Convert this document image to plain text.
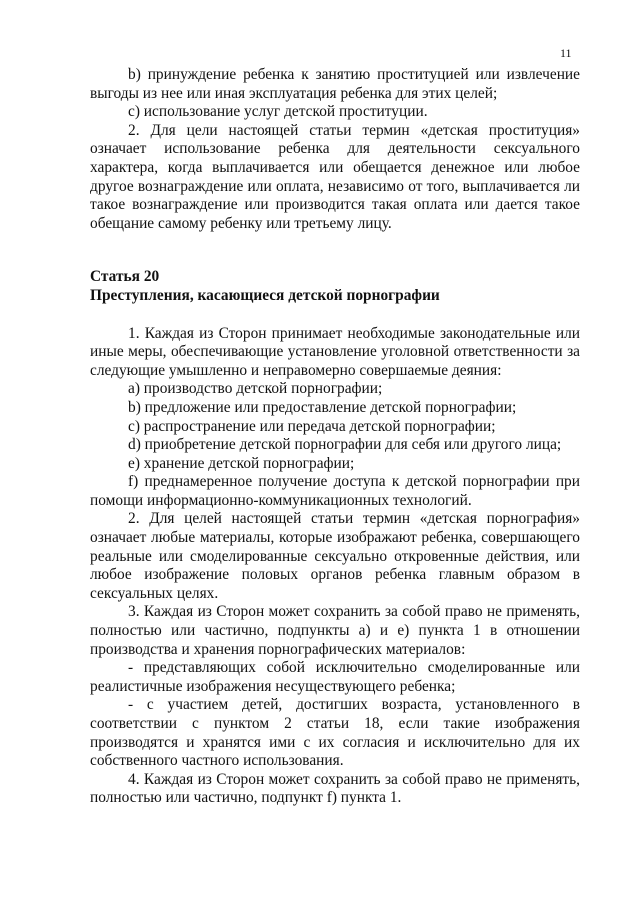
11

b) принуждение ребенка к занятию проституцией или извлечение выгоды из нее или иная эксплуатация ребенка для этих целей;

c) использование услуг детской проституции.

2. Для цели настоящей статьи термин «детская проституция» означает использование ребенка для деятельности сексуального характера, когда выплачивается или обещается денежное или любое другое вознаграждение или оплата, независимо от того, выплачивается ли такое вознаграждение или производится такая оплата или дается такое обещание самому ребенку или третьему лицу.

Статья 20

Преступления, касающиеся детской порнографии

1. Каждая из Сторон принимает необходимые законодательные или иные меры, обеспечивающие установление уголовной ответственности за следующие умышленно и неправомерно совершаемые деяния:

a) производство детской порнографии;

b) предложение или предоставление детской порнографии;

c) распространение или передача детской порнографии;

d) приобретение детской порнографии для себя или другого лица;

e) хранение детской порнографии;

f) преднамеренное получение доступа к детской порнографии при помощи информационно-коммуникационных технологий.

2. Для целей настоящей статьи термин «детская порнография» означает любые материалы, которые изображают ребенка, совершающего реальные или смоделированные сексуально откровенные действия, или любое изображение половых органов ребенка главным образом в сексуальных целях.

3. Каждая из Сторон может сохранить за собой право не применять, полностью или частично, подпункты a) и e) пункта 1 в отношении производства и хранения порнографических материалов:

- представляющих собой исключительно смоделированные или реалистичные изображения несуществующего ребенка;

- с участием детей, достигших возраста, установленного в соответствии с пунктом 2 статьи 18, если такие изображения производятся и хранятся ими с их согласия и исключительно для их собственного частного использования.

4. Каждая из Сторон может сохранить за собой право не применять, полностью или частично, подпункт f) пункта 1.
